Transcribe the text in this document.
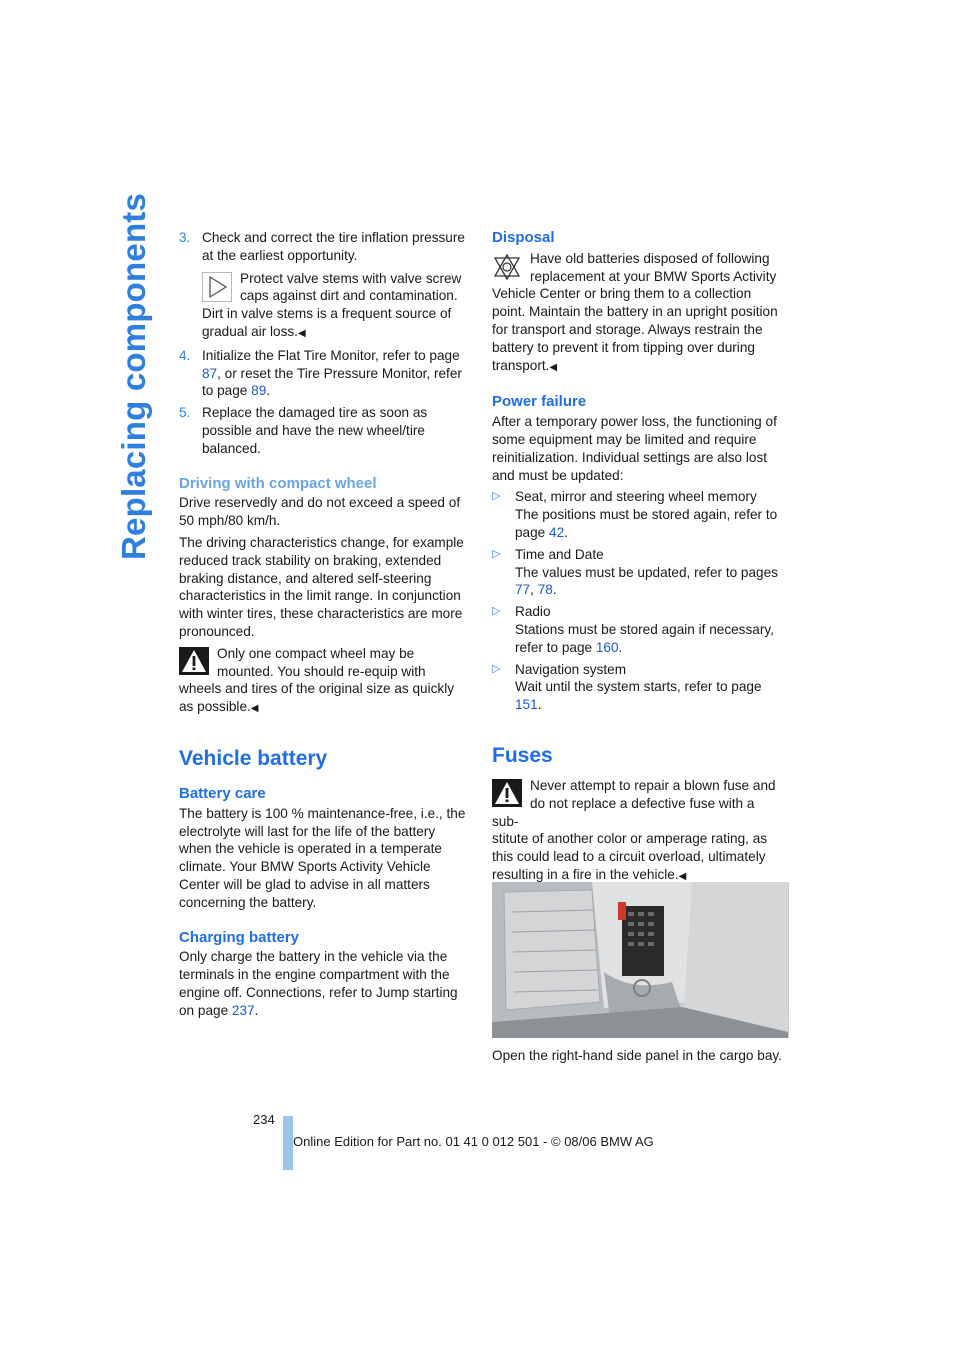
Replacing components 3. Check and correct the tire inflation pressure at the earliest opportunity.

Protect valve stems with valve screw

caps against dirt and contamination.

Dirt in valve stems is a frequent source of gradual air loss.◀

4. Initialize the Flat Tire Monitor, refer to page 87, or reset the Tire Pressure Monitor, refer to page 89.

5. Replace the damaged tire as soon as possible and have the new wheel/tire balanced.

Driving with compact wheel

Drive reservedly and do not exceed a speed of 50 mph/80 km/h.

The driving characteristics change, for example reduced track stability on braking, extended braking distance, and altered self-steering characteristics in the limit range. In conjunction with winter tires, these characteristics are more pronounced.

Only one compact wheel may be

mounted. You should re-equip with

wheels and tires of the original size as quickly as possible.◀

Vehicle battery

Battery care

The battery is 100 % maintenance-free, i.e., the electrolyte will last for the life of the battery when the vehicle is operated in a temperate climate. Your BMW Sports Activity Vehicle Center will be glad to advise in all matters concerning the battery.

Charging battery

Only charge the battery in the vehicle via the terminals in the engine compartment with the engine off. Connections, refer to Jump starting on page 237.

Disposal

Have old batteries disposed of following

replacement at your BMW Sports Activity

Vehicle Center or bring them to a collection point. Maintain the battery in an upright position for transport and storage. Always restrain the battery to prevent it from tipping over during transport.◀

Power failure

After a temporary power loss, the functioning of some equipment may be limited and require reinitialization. Individual settings are also lost and must be updated:

▷ Seat, mirror and steering wheel memory

The positions must be stored again, refer to page 42.

▷ Time and Date

The values must be updated, refer to pages 77, 78.

▷ Radio

Stations must be stored again if necessary, refer to page 160.

▷ Navigation system

Wait until the system starts, refer to page 151.

Fuses

Never attempt to repair a blown fuse and

do not replace a defective fuse with a sub-

stitute of another color or amperage rating, as this could lead to a circuit overload, ultimately resulting in a fire in the vehicle.◀

· · · · · ·

Open the right-hand side panel in the cargo bay.

234
Online Edition for Part no. 01 41 0 012 501 - © 08/06 BMW AG
